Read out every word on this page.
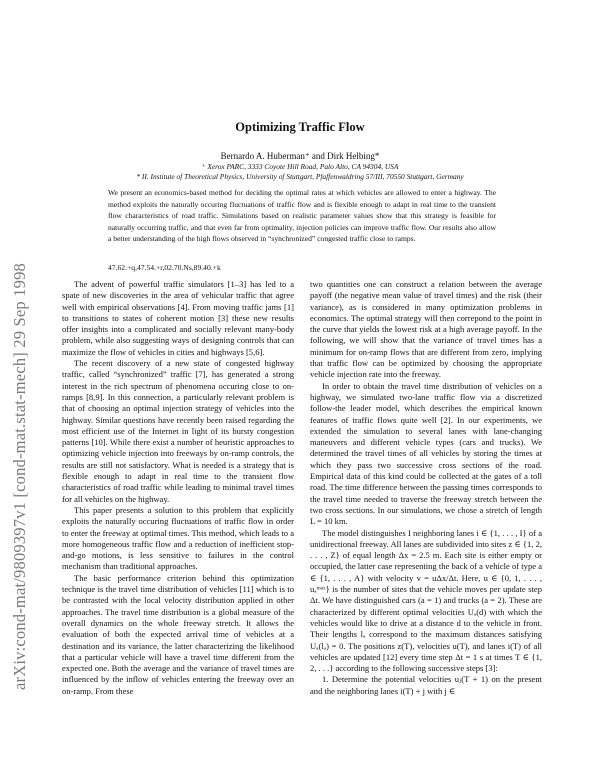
arXiv:cond-mat/9809397v1 [cond-mat.stat-mech] 29 Sep 1998
Optimizing Traffic Flow
Bernardo A. Huberman⁺ and Dirk Helbing*
⁺ Xerox PARC, 3333 Coyote Hill Road, Palo Alto, CA 94304, USA
* II. Institute of Theoretical Physics, University of Stuttgart, Pfaffenwaldring 57/III, 70550 Stuttgart, Germany

We present an economics-based method for deciding the optimal rates at which vehicles are allowed to enter a highway. The method exploits the naturally occuring fluctuations of traffic flow and is flexible enough to adapt in real time to the transient flow characteristics of road traffic. Simulations based on realistic parameter values show that this strategy is feasible for naturally occurring traffic, and that even far from optimality, injection policies can improve traffic flow. Our results also allow a better understanding of the high flows observed in “synchronized” congested traffic close to ramps.

47.62.+q,47.54.+r,02.70.Ns,89.40.+k

The advent of powerful traffic simulators [1–3] has led to a spate of new discoveries in the area of vehicular traffic that agree well with empirical observations [4]. From moving traffic jams [1] to transitions to states of coherent motion [3] these new results offer insights into a complicated and socially relevant many-body problem, while also suggesting ways of designing controls that can maximize the flow of vehicles in cities and highways [5,6].

The recent discovery of a new state of congested highway traffic, called “synchronized” traffic [7], has generated a strong interest in the rich spectrum of phenomena occuring close to on-ramps [8,9]. In this connection, a particularly relevant problem is that of choosing an optimal injection strategy of vehicles into the highway. Similar questions have recently been raised regarding the most efficient use of the Internet in light of its bursty congestion patterns [10]. While there exist a number of heuristic approaches to optimizing vehicle injection into freeways by on-ramp controls, the results are still not satisfactory. What is needed is a strategy that is flexible enough to adapt in real time to the transient flow characteristics of road traffic while leading to minimal travel times for all vehicles on the highway.

This paper presents a solution to this problem that explicitly exploits the naturally occuring fluctuations of traffic flow in order to enter the freeway at optimal times. This method, which leads to a more homogeneous traffic flow and a reduction of inefficient stop-and-go motions, is less sensitive to failures in the control mechanism than traditional approaches.

The basic performance criterion behind this optimization technique is the travel time distribution of vehicles [11] which is to be contrasted with the local velocity distribution applied in other approaches. The travel time distribution is a global measure of the overall dynamics on the whole freeway stretch. It allows the evaluation of both the expected arrival time of vehicles at a destination and its variance, the latter characterizing the likelihood that a particular vehicle will have a travel time different from the expected one. Both the average and the variance of travel times are influenced by the inflow of vehicles entering the freeway over an on-ramp. From these

two quantities one can construct a relation between the average payoff (the negative mean value of travel times) and the risk (their variance), as is considered in many optimization problems in economics. The optimal strategy will then correpond to the point in the curve that yields the lowest risk at a high average payoff. In the following, we will show that the variance of travel times has a minimum for on-ramp flows that are different from zero, implying that traffic flow can be optimized by choosing the appropriate vehicle injection rate into the freeway.

In order to obtain the travel time distribution of vehicles on a highway, we simulated two-lane traffic flow via a discretized follow-the leader model, which describes the empirical known features of traffic flows quite well [2]. In our experiments, we extended the simulation to several lanes with lane-changing maneuvers and different vehicle types (cars and trucks). We determined the travel times of all vehicles by storing the times at which they pass two successive cross sections of the road. Empirical data of this kind could be collected at the gates of a toll road. The time difference between the passing times corresponds to the travel time needed to traverse the freeway stretch between the two cross sections. In our simulations, we chose a stretch of length L = 10 km.

The model distinguishes I neighboring lanes i ∈ {1, . . . , I} of a unidirectional freeway. All lanes are subdivided into sites z ∈ {1, 2, . . . , Z} of equal length Δx = 2.5 m. Each site is either empty or occupied, the latter case representing the back of a vehicle of type a ∈ {1, . . . , A} with velocity v = uΔx/Δt. Here, u ∈ {0, 1, . . . , uₐᵐᵃˣ} is the number of sites that the vehicle moves per update step Δt. We have distinguished cars (a = 1) and trucks (a = 2). These are characterized by different optimal velocities Uₐ(d) with which the vehicles would like to drive at a distance d to the vehicle in front. Their lengths lₐ correspond to the maximum distances satisfying Uₐ(lₐ) = 0. The positions z(T), velocities u(T), and lanes i(T) of all vehicles are updated [12] every time step Δt = 1 s at times T ∈ {1, 2, . . .} according to the following successive steps [3]:

1. Determine the potential velocities uⱼ(T + 1) on the present and the neighboring lanes i(T) + j with j ∈
